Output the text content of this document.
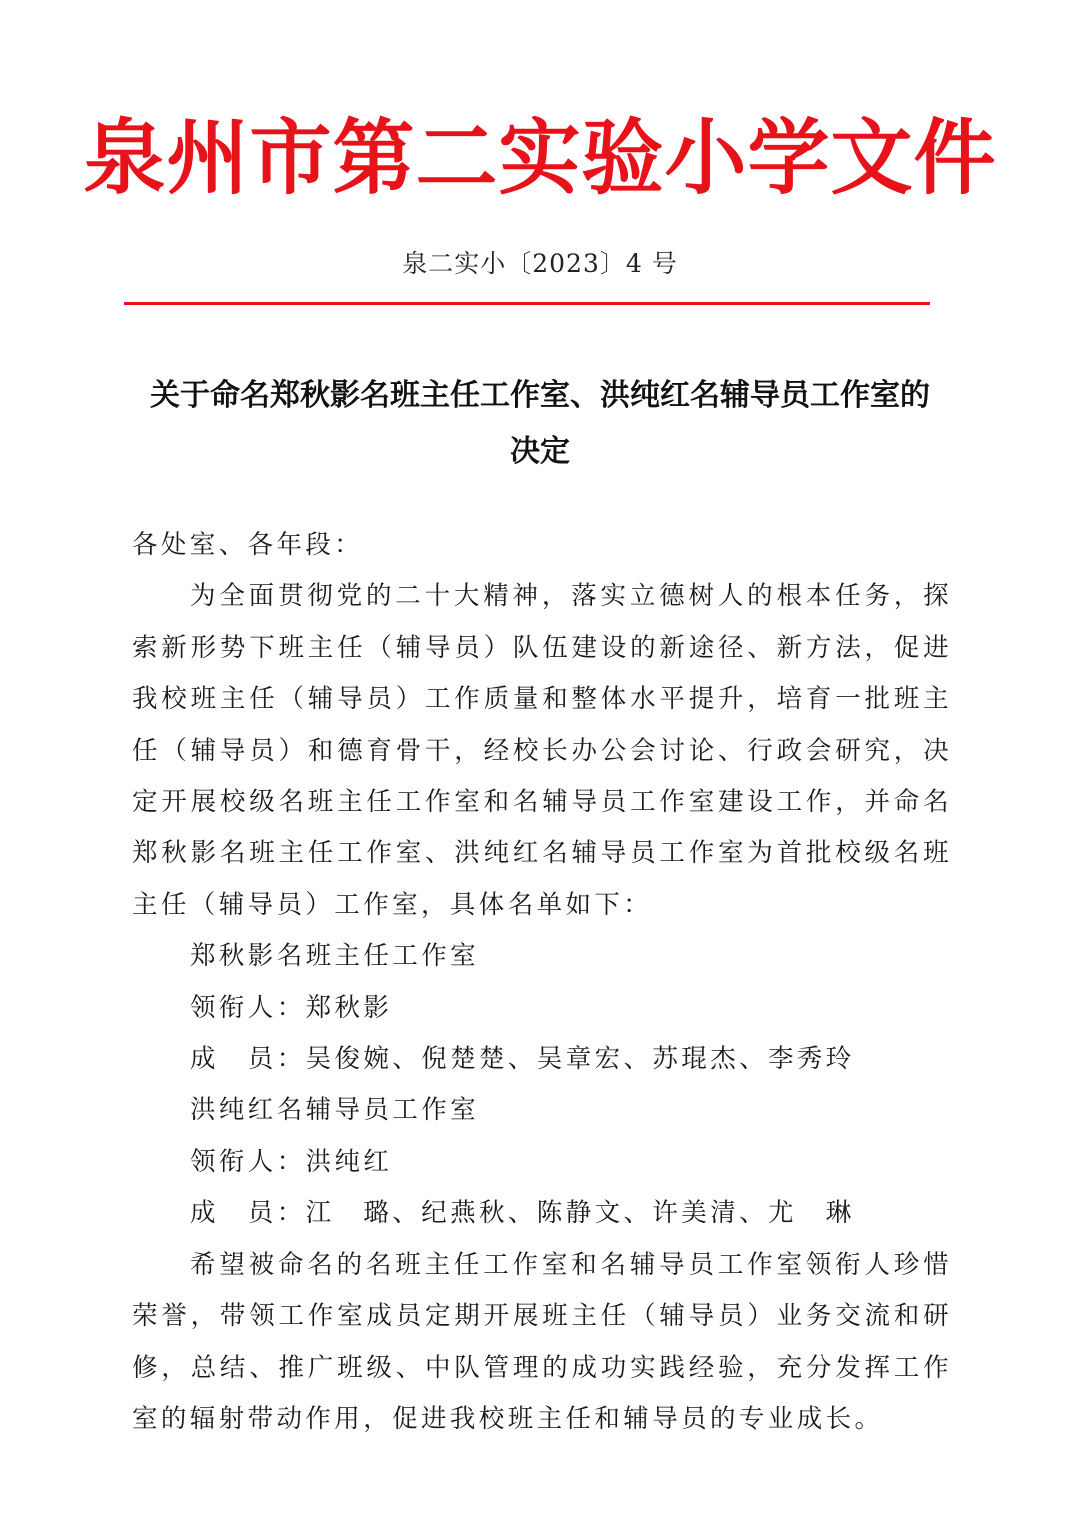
泉州市第二实验小学文件
泉二实小〔2023〕4 号
关于命名郑秋影名班主任工作室、洪纯红名辅导员工作室的
决定

各处室、各年段：

为全面贯彻党的二十大精神，落实立德树人的根本任务，探索新形势下班主任（辅导员）队伍建设的新途径、新方法，促进我校班主任（辅导员）工作质量和整体水平提升，培育一批班主任（辅导员）和德育骨干，经校长办公会讨论、行政会研究，决定开展校级名班主任工作室和名辅导员工作室建设工作，并命名郑秋影名班主任工作室、洪纯红名辅导员工作室为首批校级名班主任（辅导员）工作室，具体名单如下：

郑秋影名班主任工作室

领衔人：郑秋影

成　员：吴俊婉、倪楚楚、吴章宏、苏琨杰、李秀玲

洪纯红名辅导员工作室

领衔人：洪纯红

成　员：江　璐、纪燕秋、陈静文、许美清、尤　琳

希望被命名的名班主任工作室和名辅导员工作室领衔人珍惜荣誉，带领工作室成员定期开展班主任（辅导员）业务交流和研修，总结、推广班级、中队管理的成功实践经验，充分发挥工作室的辐射带动作用，促进我校班主任和辅导员的专业成长。
